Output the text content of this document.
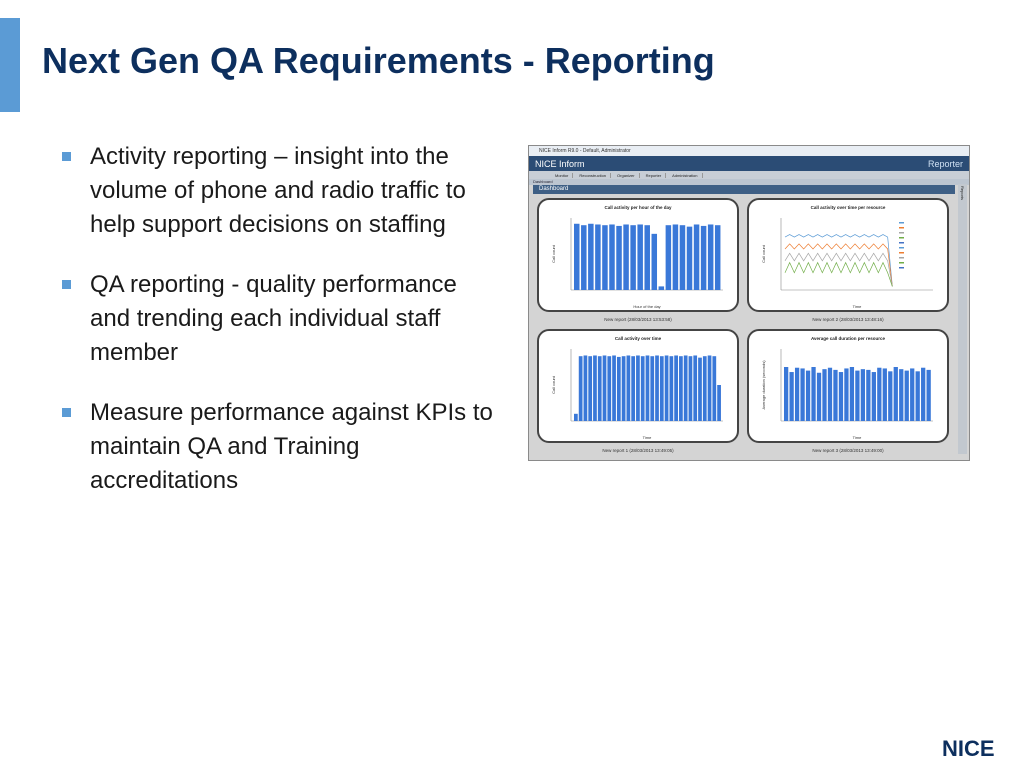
Next Gen QA Requirements - Reporting
Activity reporting – insight into the volume of phone and radio traffic to help support decisions on staffing
QA reporting - quality performance and trending each individual staff member
Measure performance against KPIs to maintain QA and Training accreditations
NICE Inform R9.0 - Default, Administrator
NICE Inform	Reporter
Monitor	Reconstruction	Organizer	Reporter	Administration
Dashboard
Dashboard	Reports
Call activity per hour of the day
Hour of the day
Call count
New report (28/03/2013 13:53:58)
Call activity over time per resource
Time
Call count
New report 2 (28/03/2013 13:48:16)
Call activity over time
Time
Call count
New report 1 (28/03/2013 13:49:05)
Average call duration per resource
Time
Average duration (seconds)
New report 3 (28/03/2013 13:49:00)
NICE
